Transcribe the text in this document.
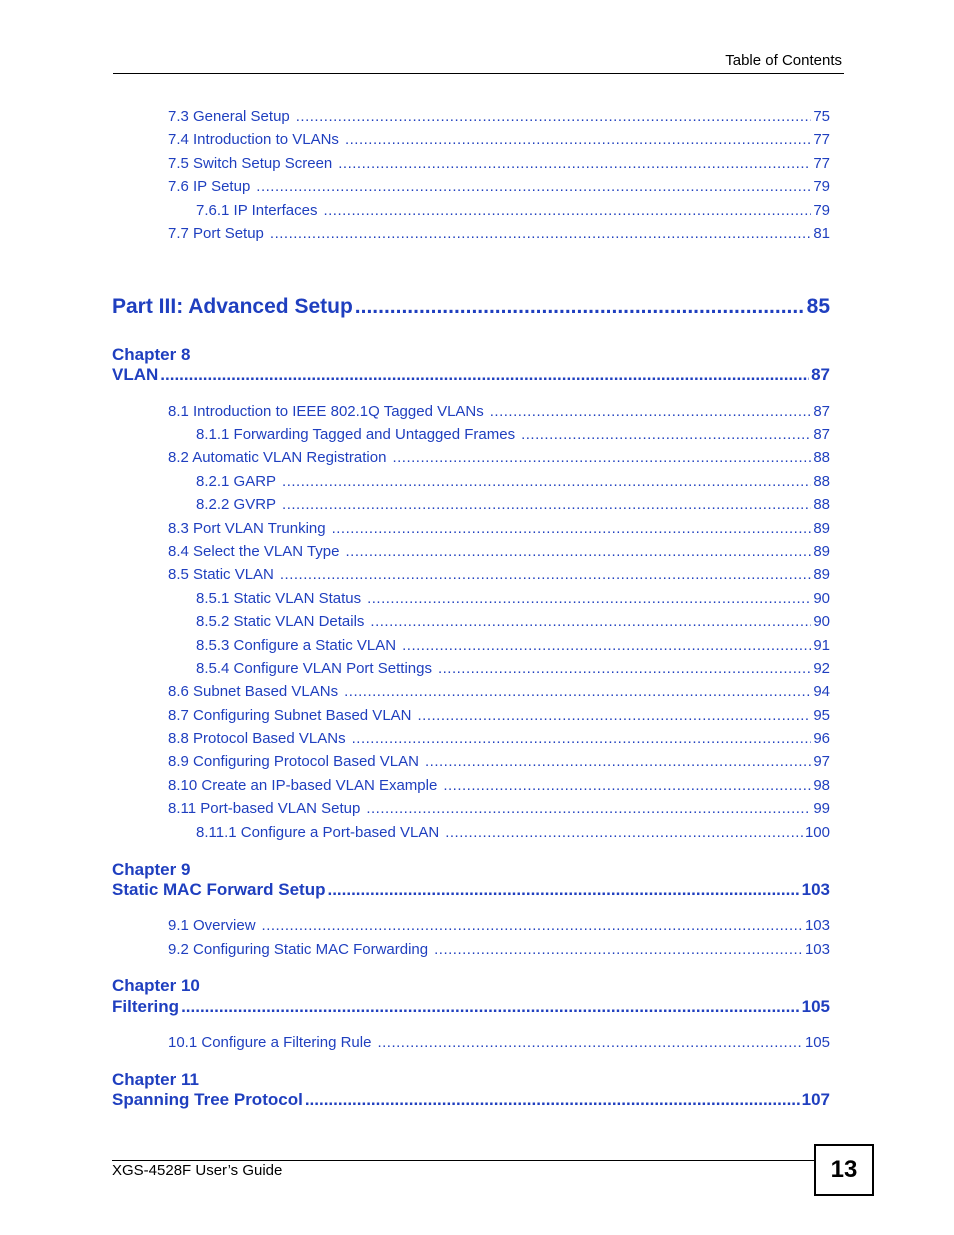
Table of Contents
7.3 General Setup .....	75
7.4 Introduction to VLANs .....	77
7.5 Switch Setup Screen .....	77
7.6 IP Setup .....	79
7.6.1 IP Interfaces .....	79
7.7 Port Setup .....	81
Part III: Advanced Setup .....	85
Chapter 8
VLAN .....	87
8.1 Introduction to IEEE 802.1Q Tagged VLANs .....	87
8.1.1 Forwarding Tagged and Untagged Frames .....	87
8.2 Automatic VLAN Registration .....	88
8.2.1 GARP .....	88
8.2.2 GVRP .....	88
8.3 Port VLAN Trunking .....	89
8.4 Select the VLAN Type .....	89
8.5 Static VLAN .....	89
8.5.1 Static VLAN Status .....	90
8.5.2 Static VLAN Details .....	90
8.5.3 Configure a Static VLAN .....	91
8.5.4 Configure VLAN Port Settings .....	92
8.6 Subnet Based VLANs .....	94
8.7 Configuring Subnet Based VLAN .....	95
8.8 Protocol Based VLANs .....	96
8.9 Configuring Protocol Based VLAN .....	97
8.10 Create an IP-based VLAN Example .....	98
8.11 Port-based VLAN Setup .....	99
8.11.1 Configure a Port-based VLAN .....	100
Chapter 9
Static MAC Forward Setup .....	103
9.1 Overview .....	103
9.2 Configuring Static MAC Forwarding .....	103
Chapter 10
Filtering .....	105
10.1 Configure a Filtering Rule .....	105
Chapter 11
Spanning Tree Protocol .....	107
XGS-4528F User’s Guide	13
